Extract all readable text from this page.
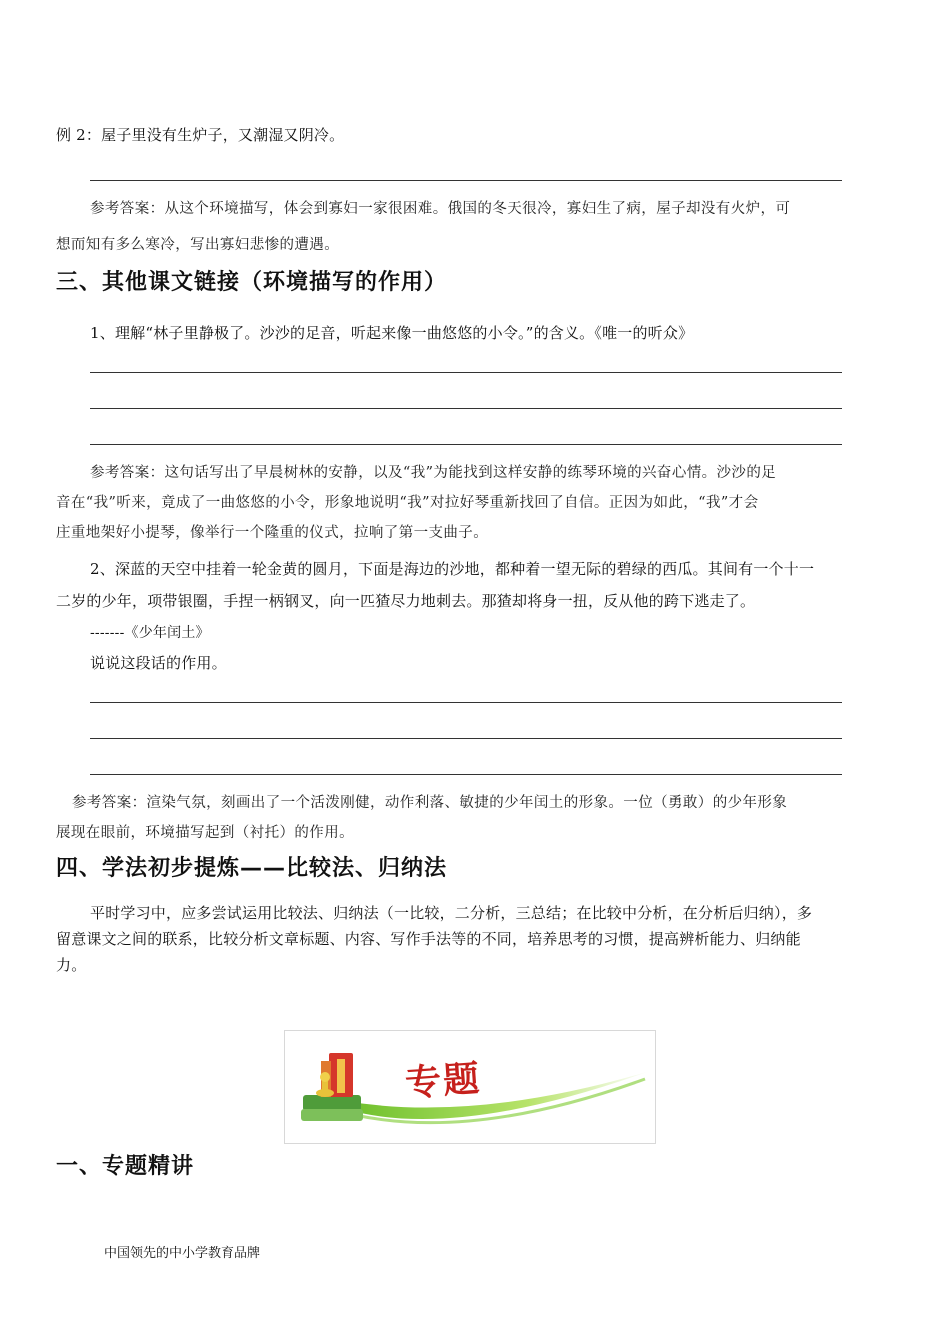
例 2：屋子里没有生炉子，又潮湿又阴冷。
参考答案：从这个环境描写，体会到寡妇一家很困难。俄国的冬天很冷，寡妇生了病，屋子却没有火炉，可
想而知有多么寒冷，写出寡妇悲惨的遭遇。
三、其他课文链接（环境描写的作用）
1、理解“林子里静极了。沙沙的足音，听起来像一曲悠悠的小令。”的含义。《唯一的听众》
参考答案：这句话写出了早晨树林的安静，以及“我”为能找到这样安静的练琴环境的兴奋心情。沙沙的足
音在“我”听来，竟成了一曲悠悠的小令，形象地说明“我”对拉好琴重新找回了自信。正因为如此，“我”才会
庄重地架好小提琴，像举行一个隆重的仪式，拉响了第一支曲子。
2、深蓝的天空中挂着一轮金黄的圆月，下面是海边的沙地，都种着一望无际的碧绿的西瓜。其间有一个十一
二岁的少年，项带银圈，手捏一柄钢叉，向一匹猹尽力地刺去。那猹却将身一扭，反从他的跨下逃走了。
-------《少年闰土》
说说这段话的作用。
参考答案：渲染气氛，刻画出了一个活泼刚健，动作利落、敏捷的少年闰土的形象。一位（勇敢）的少年形象
展现在眼前，环境描写起到（衬托）的作用。
四、学法初步提炼——比较法、归纳法
平时学习中，应多尝试运用比较法、归纳法（一比较，二分析，三总结；在比较中分析，在分析后归纳），多
留意课文之间的联系，比较分析文章标题、内容、写作手法等的不同，培养思考的习惯，提高辨析能力、归纳能
力。
专题
一、专题精讲
中国领先的中小学教育品牌
